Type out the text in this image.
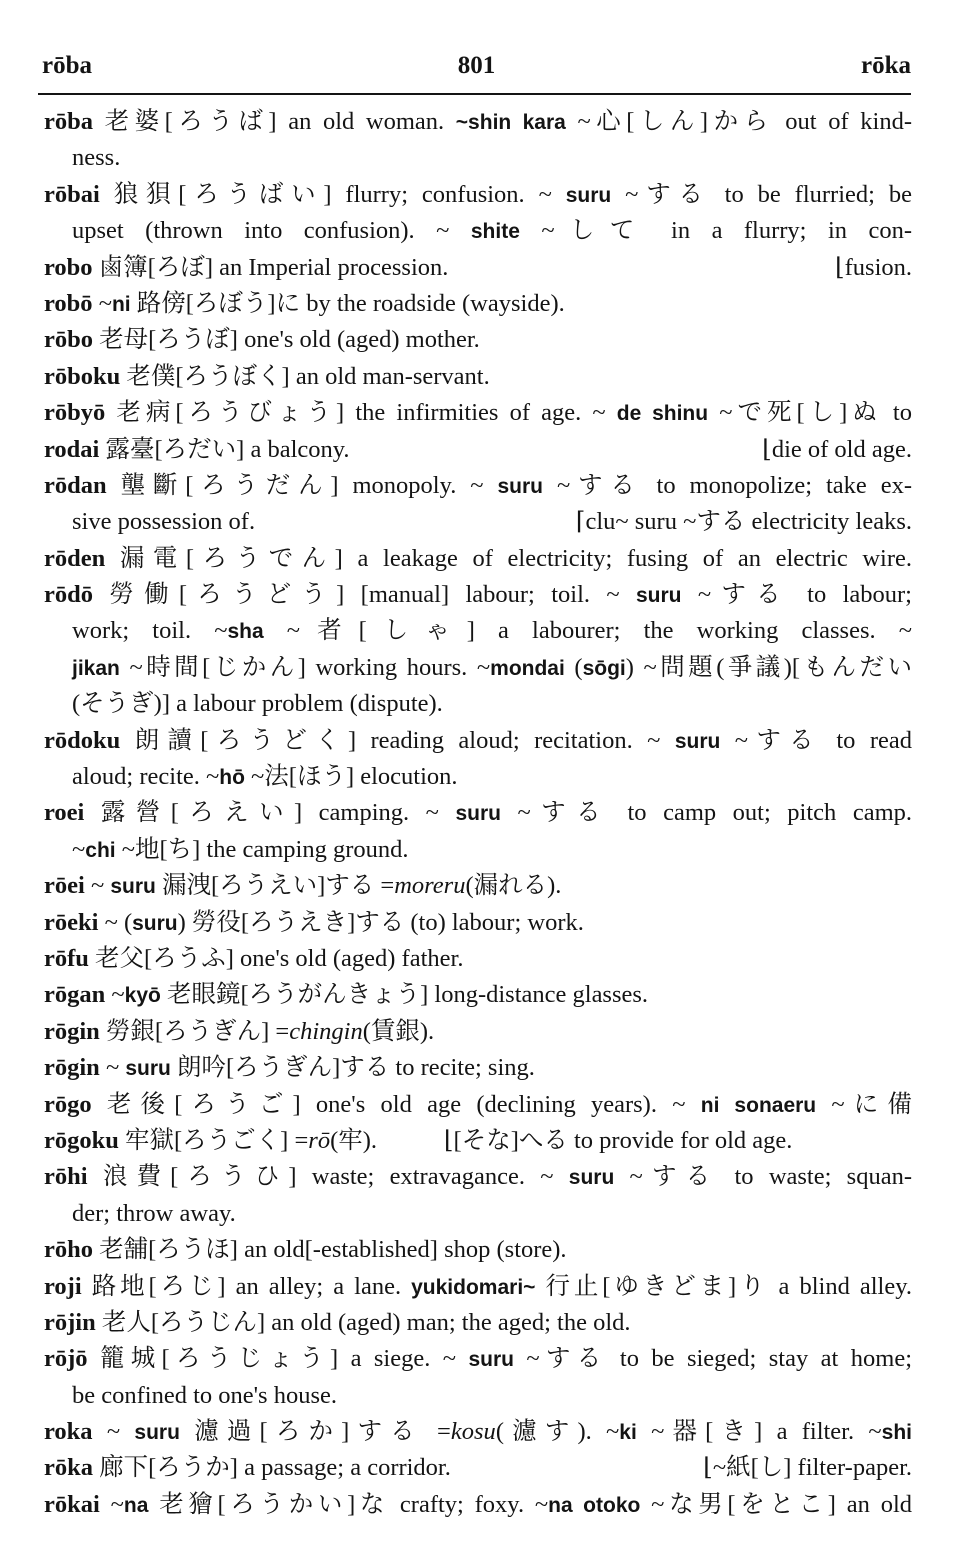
rōba	801	rōka
rōba 老婆[ろうば] an old woman. ~shin kara ~心[しん]から out of kind-
ness.
rōbai 狼狽[ろうばい] flurry; confusion. ~ suru ~する to be flurried; be
upset (thrown into confusion). ~ shite ~して in a flurry; in con-
robo 鹵簿[ろぼ] an Imperial procession.	⌊fusion.
robō ~ni 路傍[ろぼう]に by the roadside (wayside).
rōbo 老母[ろうぼ] one's old (aged) mother.
rōboku 老僕[ろうぼく] an old man-servant.
rōbyō 老病[ろうびょう] the infirmities of age. ~ de shinu ~で死[し]ぬ to
rodai 露臺[ろだい] a balcony.	⌊die of old age.
rōdan 壟斷[ろうだん] monopoly. ~ suru ~する to monopolize; take ex-
sive possession of.	⌈clu~ suru ~する electricity leaks.
rōden 漏電[ろうでん] a leakage of electricity; fusing of an electric wire.
rōdō 勞働[ろうどう] [manual] labour; toil. ~ suru ~する to labour;
work; toil. ~sha ~者[しゃ] a labourer; the working classes. ~
jikan ~時間[じかん] working hours. ~mondai (sōgi) ~問題(爭議)[もんだい
(そうぎ)] a labour problem (dispute).
rōdoku 朗讀[ろうどく] reading aloud; recitation. ~ suru ~する to read
aloud; recite. ~hō ~法[ほう] elocution.
roei 露營[ろえい] camping. ~ suru ~する to camp out; pitch camp.
~chi ~地[ち] the camping ground.
rōei ~ suru 漏洩[ろうえい]する =moreru(漏れる).
rōeki ~ (suru) 勞役[ろうえき]する (to) labour; work.
rōfu 老父[ろうふ] one's old (aged) father.
rōgan ~kyō 老眼鏡[ろうがんきょう] long-distance glasses.
rōgin 勞銀[ろうぎん] =chingin(賃銀).
rōgin ~ suru 朗吟[ろうぎん]する to recite; sing.
rōgo 老後[ろうご] one's old age (declining years). ~ ni sonaeru ~に備
rōgoku 牢獄[ろうごく] =rō(牢).	⌊[そな]へる to provide for old age.
rōhi 浪費[ろうひ] waste; extravagance. ~ suru ~する to waste; squan-
der; throw away.
rōho 老舗[ろうほ] an old[-established] shop (store).
roji 路地[ろじ] an alley; a lane. yukidomari~ 行止[ゆきどま]り a blind alley.
rōjin 老人[ろうじん] an old (aged) man; the aged; the old.
rōjō 籠城[ろうじょう] a siege. ~ suru ~する to be sieged; stay at home;
be confined to one's house.
roka ~ suru 濾過[ろか]する =kosu(濾す). ~ki ~器[き] a filter. ~shi
rōka 廊下[ろうか] a passage; a corridor.	⌊~紙[し] filter-paper.
rōkai ~na 老獪[ろうかい]な crafty; foxy. ~na otoko ~な男[をとこ] an old
